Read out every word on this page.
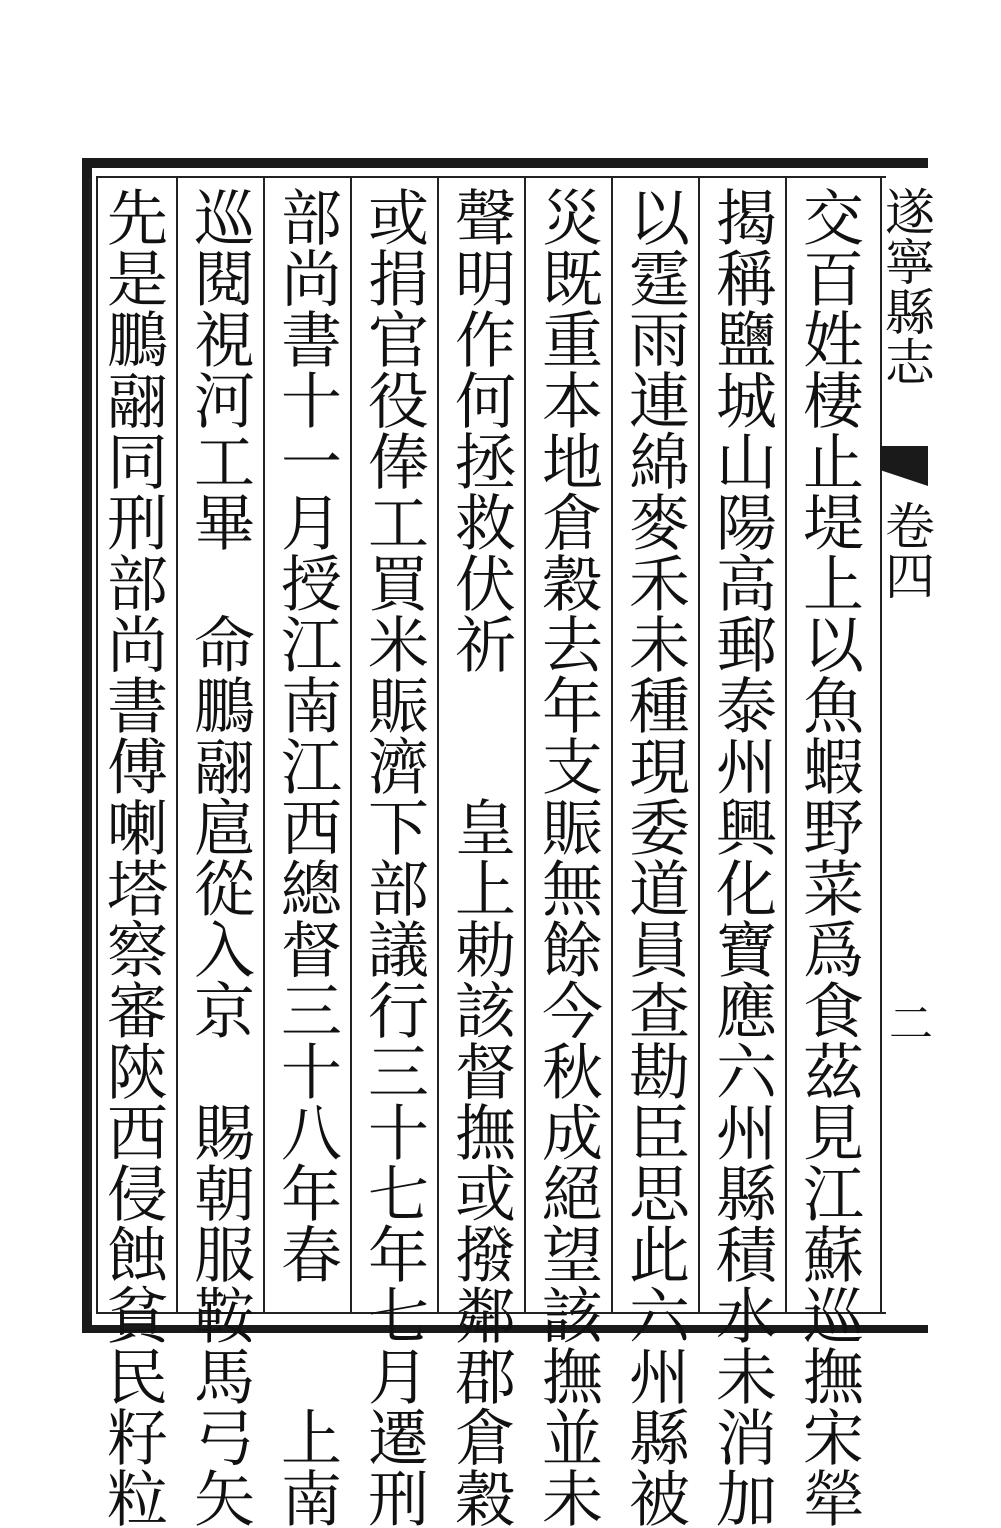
遂寧縣志
卷四
二
交百姓棲止堤上以魚蝦野菜爲食茲見江蘇巡撫宋犖
揭稱鹽城山陽高郵泰州興化寶應六州縣積水未消加
以霆雨連綿麥禾未種現委道員查勘臣思此六州縣被
災既重本地倉穀去年支賑無餘今秋成絕望該撫並未
聲明作何拯救伏祈皇上勅該督撫或撥鄰郡倉穀
或捐官役俸工買米賑濟下部議行三十七年七月遷刑
部尚書十一月授江南江西總督三十八年春上南
巡閱視河工畢命鵬翮扈從入京賜朝服鞍馬弓矢
先是鵬翮同刑部尚書傅喇塔察審陝西侵蝕貧民籽粒
